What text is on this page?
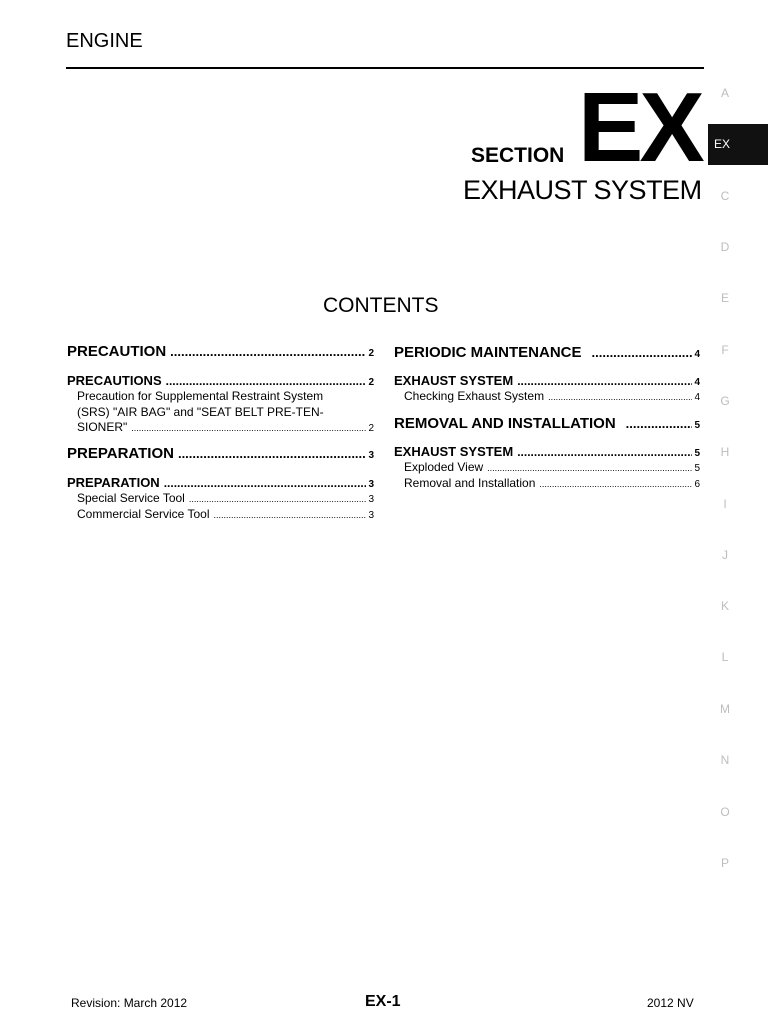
ENGINE
SECTION EX
EXHAUST SYSTEM
CONTENTS
A
EX
C
D
E
F
G
H
I
J
K
L
M
N
O
P
PRECAUTION .....	2
PRECAUTIONS .....	2
Precaution for Supplemental Restraint System
(SRS) "AIR BAG" and "SEAT BELT PRE-TEN-
SIONER" .....	2
PREPARATION .....	3
PREPARATION .....	3
Special Service Tool .....	3
Commercial Service Tool .....	3
PERIODIC MAINTENANCE .....	4
EXHAUST SYSTEM .....	4
Checking Exhaust System .....	4
REMOVAL AND INSTALLATION .....	5
EXHAUST SYSTEM .....	5
Exploded View .....	5
Removal and Installation .....	6
Revision: March 2012	EX-1	2012 NV
